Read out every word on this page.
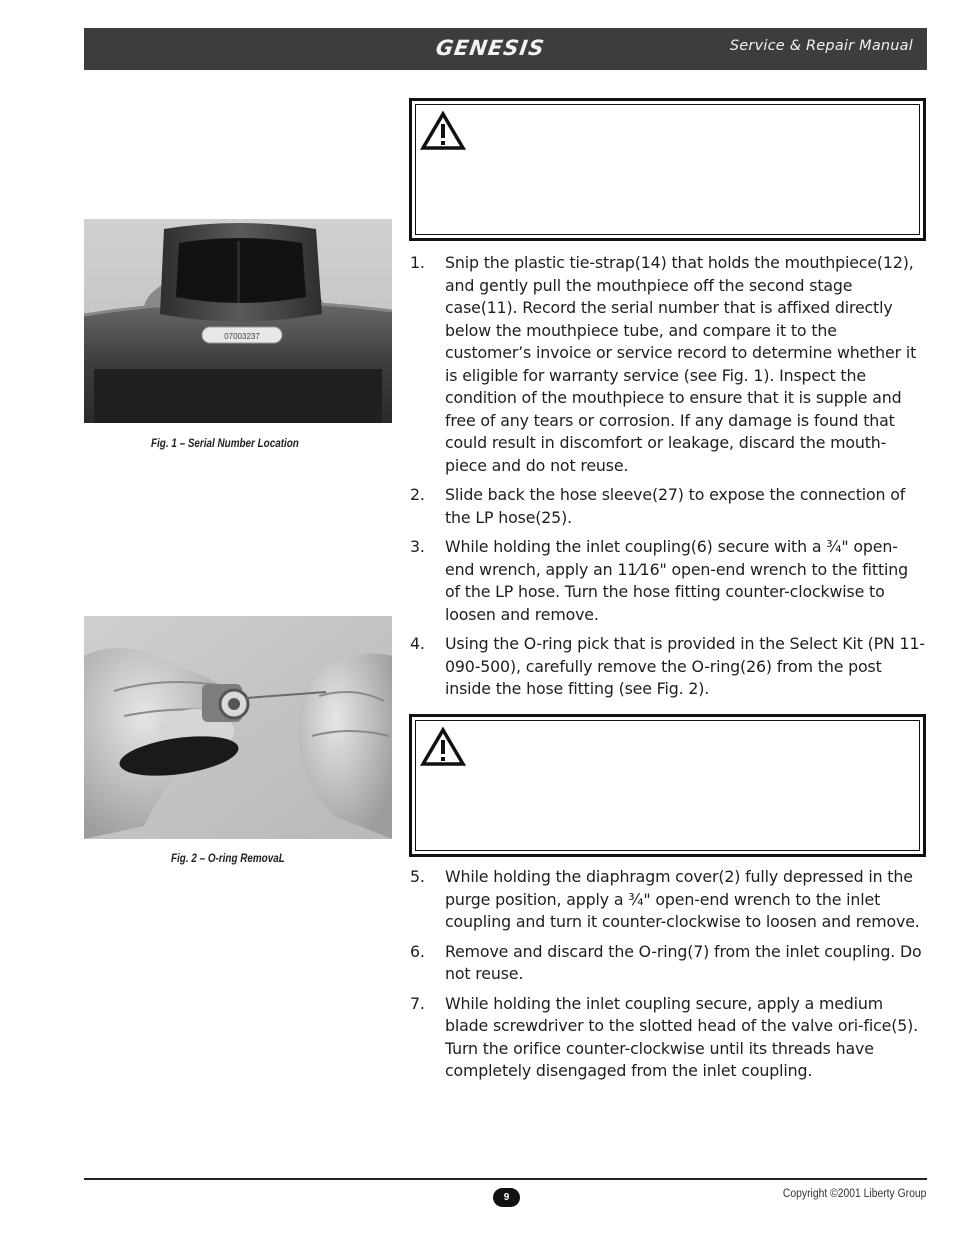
GENESIS	Service & Repair Manual
07003237
Fig. 1 – Serial Number Location
Fig. 2 – O-ring RemovaL
1. Snip the plastic tie-strap(14) that holds the mouthpiece(12), and gently pull the mouthpiece off the second stage case(11). Record the serial number that is affixed directly below the mouthpiece tube, and compare it to the customer’s invoice or service record to determine whether it is eligible for warranty service (see Fig. 1). Inspect the condition of the mouthpiece to ensure that it is supple and free of any tears or corrosion. If any damage is found that could result in discomfort or leakage, discard the mouth-piece and do not reuse.
2. Slide back the hose sleeve(27) to expose the connection of the LP hose(25).
3. While holding the inlet coupling(6) secure with a ¾" open-end wrench, apply an 11⁄16" open-end wrench to the fitting of the LP hose. Turn the hose fitting counter-clockwise to loosen and remove.
4. Using the O-ring pick that is provided in the Select Kit (PN 11-090-500), carefully remove the O-ring(26) from the post inside the hose fitting (see Fig. 2).
5. While holding the diaphragm cover(2) fully depressed in the purge position, apply a ¾" open-end wrench to the inlet coupling and turn it counter-clockwise to loosen and remove.
6. Remove and discard the O-ring(7) from the inlet coupling. Do not reuse.
7. While holding the inlet coupling secure, apply a medium blade screwdriver to the slotted head of the valve ori-fice(5). Turn the orifice counter-clockwise until its threads have completely disengaged from the inlet coupling.
9	Copyright ©2001 Liberty Group
